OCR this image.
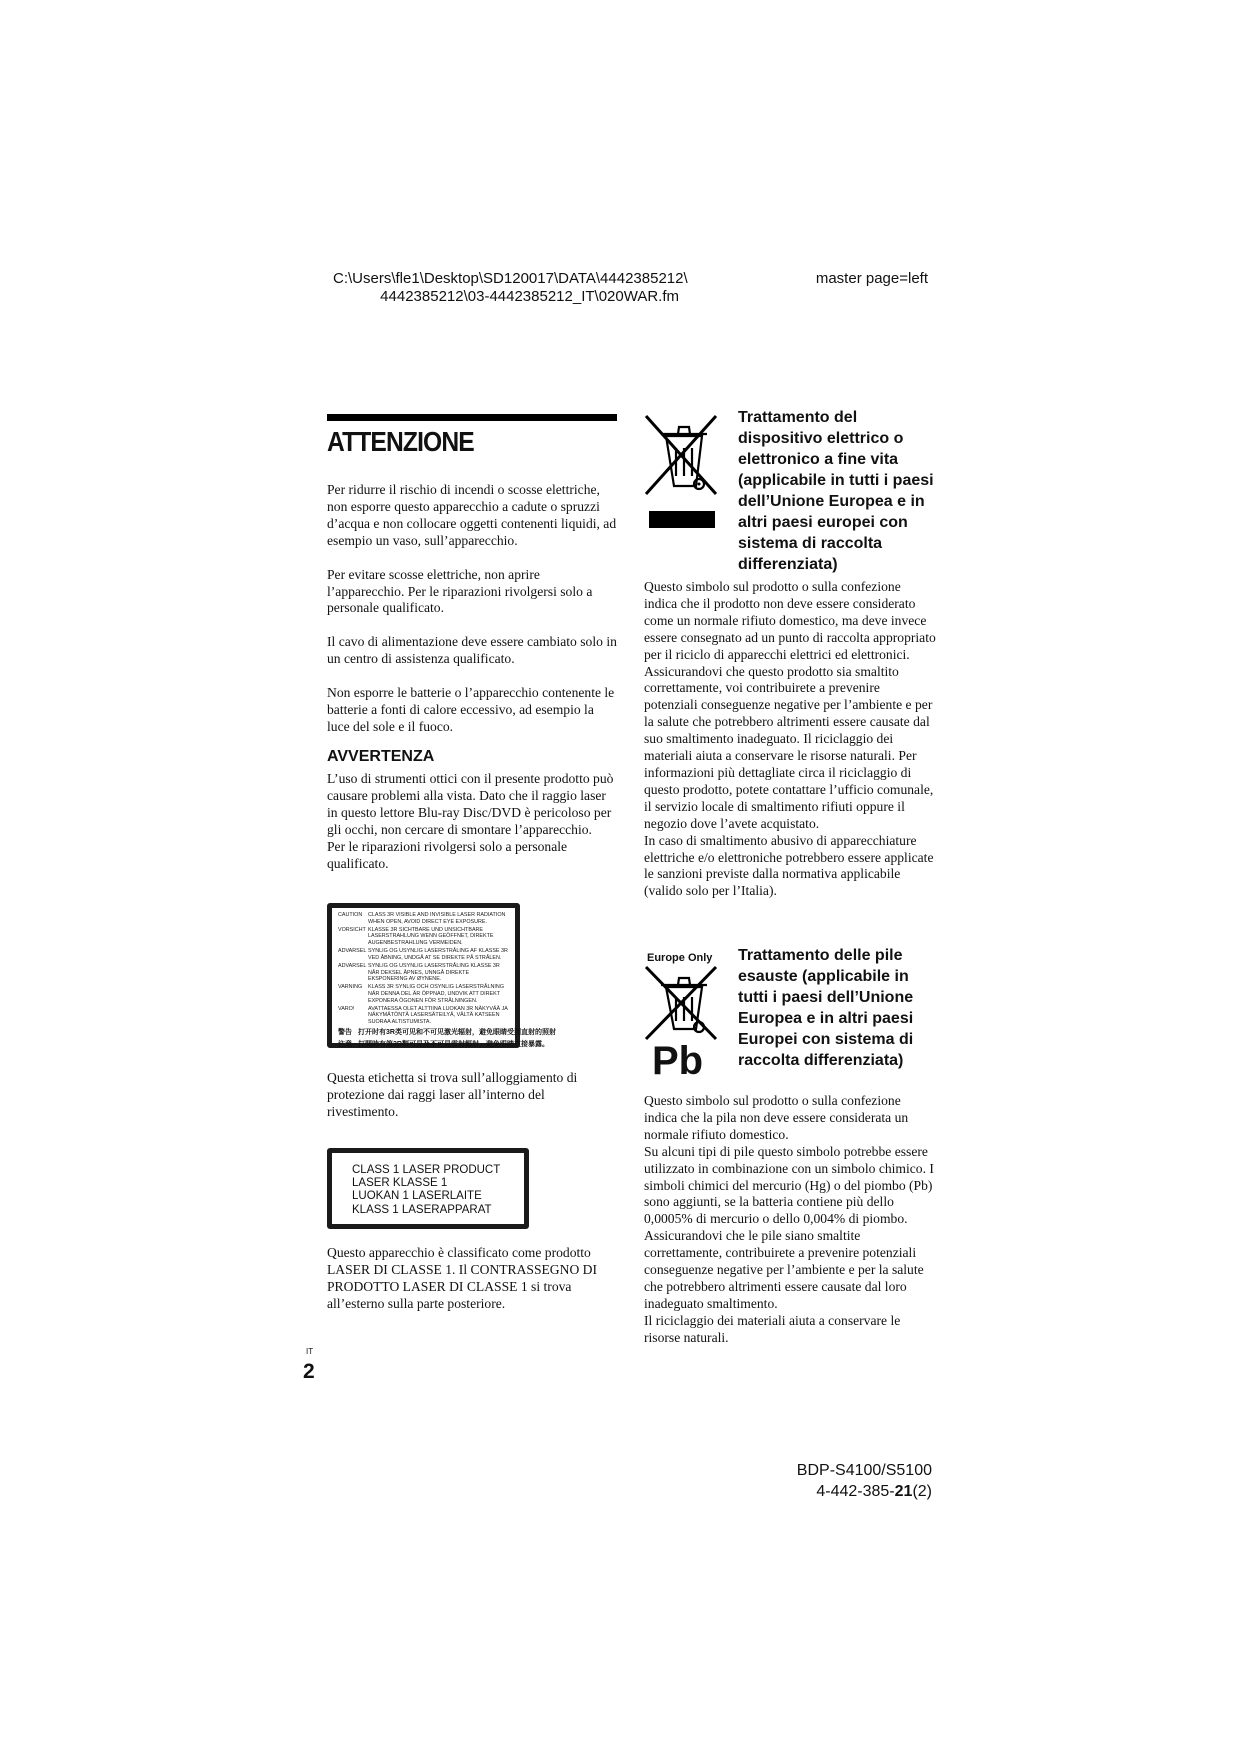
C:\Users\fle1\Desktop\SD120017\DATA\4442385212\
4442385212\03-4442385212_IT\020WAR.fm
master page=left
ATTENZIONE

Per ridurre il rischio di incendi o scosse elettriche, non esporre questo apparecchio a cadute o spruzzi d’acqua e non collocare oggetti contenenti liquidi, ad esempio un vaso, sull’apparecchio.

Per evitare scosse elettriche, non aprire l’apparecchio. Per le riparazioni rivolgersi solo a personale qualificato.

Il cavo di alimentazione deve essere cambiato solo in un centro di assistenza qualificato.

Non esporre le batterie o l’apparecchio contenente le batterie a fonti di calore eccessivo, ad esempio la luce del sole e il fuoco.

AVVERTENZA

L’uso di strumenti ottici con il presente prodotto può causare problemi alla vista. Dato che il raggio laser in questo lettore Blu-ray Disc/DVD è pericoloso per gli occhi, non cercare di smontare l’apparecchio.

Per le riparazioni rivolgersi solo a personale qualificato.

CAUTION	CLASS 3R VISIBLE AND INVISIBLE LASER RADIATION WHEN OPEN, AVOID DIRECT EYE EXPOSURE.
VORSICHT KLASSE 3R SICHTBARE UND UNSICHTBARE LASERSTRAHLUNG WENN GEÖFFNET, DIREKTE AUGENBESTRAHLUNG VERMEIDEN.
ADVARSEL SYNLIG OG USYNLIG LASERSTRÅLING AF KLASSE 3R VED ÅBNING, UNDGÅ AT SE DIREKTE PÅ STRÅLEN.
ADVARSEL SYNLIG OG USYNLIG LASERSTRÅLING KLASSE 3R NÅR DEKSEL ÅPNES, UNNGÅ DIREKTE EKSPONERING AV ØYNENE.
VARNING	KLASS 3R SYNLIG OCH OSYNLIG LASERSTRÅLNING NÄR DENNA DEL ÄR ÖPPNAD, UNDVIK ATT DIREKT EXPONERA ÖGONEN FÖR STRÅLNINGEN.
VARO!	AVATTAESSA OLET ALTTIINA LUOKAN 3R NÄKYVÄÄ JA NÄKYMÄTÖNTÄ LASERSÄTEILYÄ, VÄLTÄ KATSEEN SUORAA ALTISTUMISTA.
警告 打开时有3R类可见和不可见激光辐射，避免眼睛受到直射的照射
注意 打開時有第3R類可見及不可見雷射輻射，避免眼睛直接暴露。

Questa etichetta si trova sull’alloggiamento di protezione dai raggi laser all’interno del rivestimento.

CLASS 1 LASER PRODUCT
LASER KLASSE 1
LUOKAN 1 LASERLAITE
KLASS 1 LASERAPPARAT

Questo apparecchio è classificato come prodotto LASER DI CLASSE 1. Il CONTRASSEGNO DI PRODOTTO LASER DI CLASSE 1 si trova all’esterno sulla parte posteriore.

IT
2
Trattamento del dispositivo elettrico o elettronico a fine vita (applicabile in tutti i paesi dell’Unione Europea e in altri paesi europei con sistema di raccolta differenziata)

Questo simbolo sul prodotto o sulla confezione indica che il prodotto non deve essere considerato come un normale rifiuto domestico, ma deve invece essere consegnato ad un punto di raccolta appropriato per il riciclo di apparecchi elettrici ed elettronici. Assicurandovi che questo prodotto sia smaltito correttamente, voi contribuirete a prevenire potenziali conseguenze negative per l’ambiente e per la salute che potrebbero altrimenti essere causate dal suo smaltimento inadeguato. Il riciclaggio dei materiali aiuta a conservare le risorse naturali. Per informazioni più dettagliate circa il riciclaggio di questo prodotto, potete contattare l’ufficio comunale, il servizio locale di smaltimento rifiuti oppure il negozio dove l’avete acquistato.

In caso di smaltimento abusivo di apparecchiature elettriche e/o elettroniche potrebbero essere applicate le sanzioni previste dalla normativa applicabile (valido solo per l’Italia).

Europe Only
Pb
Trattamento delle pile esauste (applicabile in tutti i paesi dell’Unione Europea e in altri paesi Europei con sistema di raccolta differenziata)

Questo simbolo sul prodotto o sulla confezione indica che la pila non deve essere considerata un normale rifiuto domestico.

Su alcuni tipi di pile questo simbolo potrebbe essere utilizzato in combinazione con un simbolo chimico. I simboli chimici del mercurio (Hg) o del piombo (Pb) sono aggiunti, se la batteria contiene più dello 0,0005% di mercurio o dello 0,004% di piombo.

Assicurandovi che le pile siano smaltite correttamente, contribuirete a prevenire potenziali conseguenze negative per l’ambiente e per la salute che potrebbero altrimenti essere causate dal loro inadeguato smaltimento.

Il riciclaggio dei materiali aiuta a conservare le risorse naturali.

BDP-S4100/S5100
4-442-385-21(2)
